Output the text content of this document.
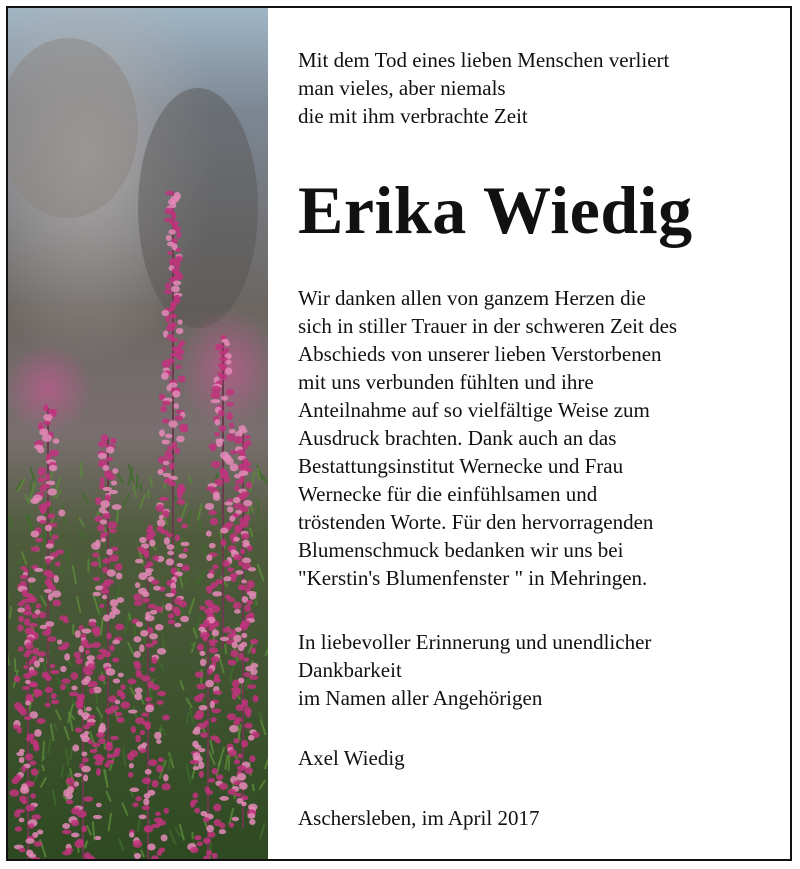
Mit dem Tod eines lieben Menschen verliert
man vieles, aber niemals
die mit ihm verbrachte Zeit
Erika Wiedig
Wir danken allen von ganzem Herzen die
sich in stiller Trauer in der schweren Zeit des
Abschieds von unserer lieben Verstorbenen
mit uns verbunden fühlten und ihre
Anteilnahme auf so vielfältige Weise zum
Ausdruck brachten. Dank auch an das
Bestattungsinstitut Wernecke und Frau
Wernecke für die einfühlsamen und
tröstenden Worte. Für den hervorragenden
Blumenschmuck bedanken wir uns bei
"Kerstin's Blumenfenster " in Mehringen.
In liebevoller Erinnerung und unendlicher
Dankbarkeit
im Namen aller Angehörigen
Axel Wiedig
Aschersleben, im April 2017
